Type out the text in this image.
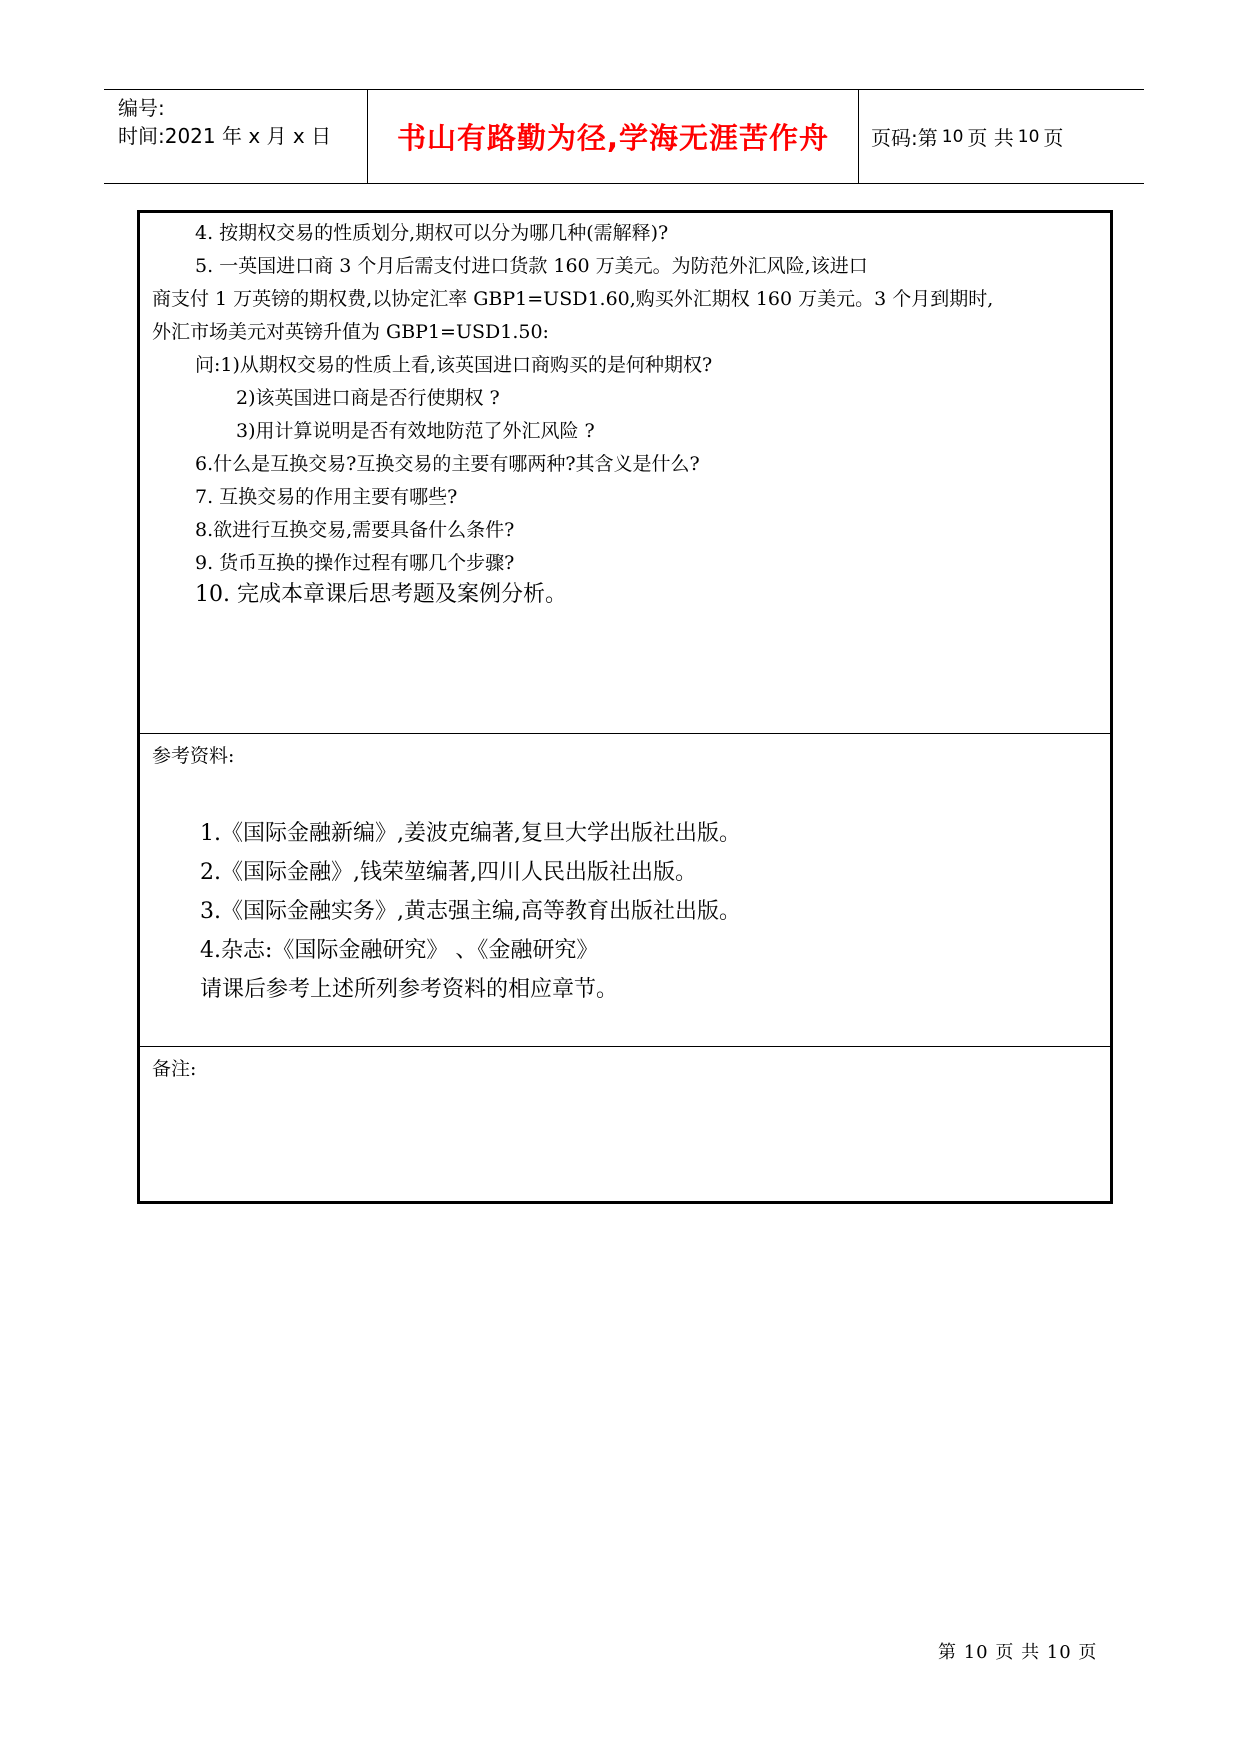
编号:
时间:2021 年 x 月 x 日	书山有路勤为径,学海无涯苦作舟	页码:第 10 页 共 10 页
4. 按期权交易的性质划分,期权可以分为哪几种(需解释)?
5. 一英国进口商 3 个月后需支付进口货款 160 万美元。为防范外汇风险,该进口
商支付 1 万英镑的期权费,以协定汇率 GBP1=USD1.60,购买外汇期权 160 万美元。3 个月到期时,
外汇市场美元对英镑升值为 GBP1=USD1.50:
问:1)从期权交易的性质上看,该英国进口商购买的是何种期权?
2)该英国进口商是否行使期权 ?
3)用计算说明是否有效地防范了外汇风险 ?
6.什么是互换交易?互换交易的主要有哪两种?其含义是什么?
7. 互换交易的作用主要有哪些?
8.欲进行互换交易,需要具备什么条件?
9. 货币互换的操作过程有哪几个步骤?
10. 完成本章课后思考题及案例分析。
参考资料:
1.《国际金融新编》,姜波克编著,复旦大学出版社出版。
2.《国际金融》,钱荣堃编著,四川人民出版社出版。
3.《国际金融实务》,黄志强主编,高等教育出版社出版。
4.杂志:《国际金融研究》 、《金融研究》
请课后参考上述所列参考资料的相应章节。
备注:
第 10 页 共 10 页
